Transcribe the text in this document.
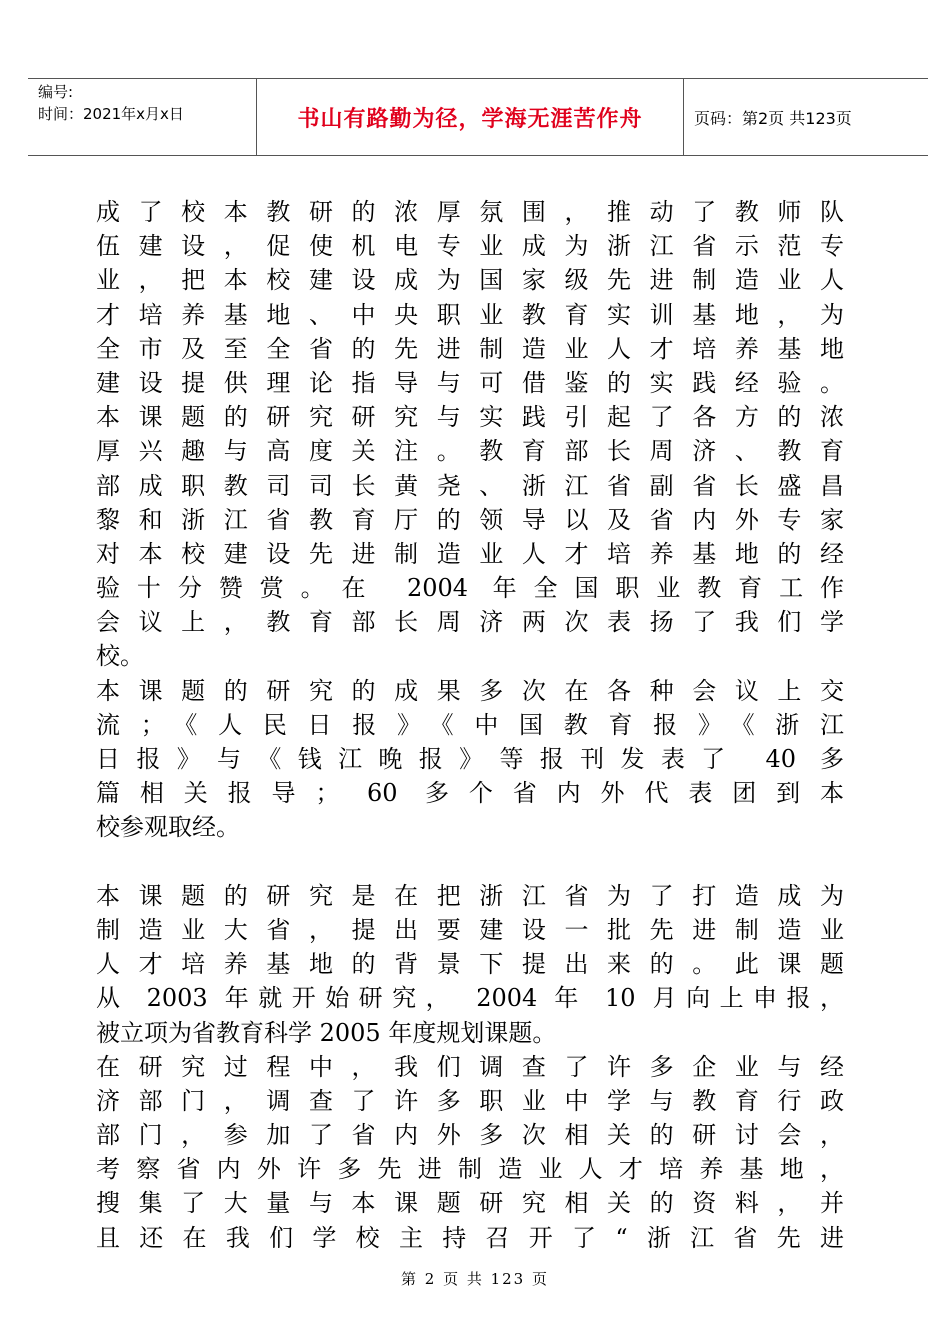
编号:
时间：2021年x月x日	书山有路勤为径，学海无涯苦作舟	页码：第2页 共123页
成了校本教研的浓厚氛围，推动了教师队
伍建设，促使机电专业成为浙江省示范专
业，把本校建设成为国家级先进制造业人
才培养基地、中央职业教育实训基地，为
全市及至全省的先进制造业人才培养基地
建设提供理论指导与可借鉴的实践经验。
本课题的研究研究与实践引起了各方的浓
厚兴趣与高度关注。教育部长周济、教育
部成职教司司长黄尧、浙江省副省长盛昌
黎和浙江省教育厅的领导以及省内外专家
对本校建设先进制造业人才培养基地的经
验十分赞赏。在 2004 年全国职业教育工作
会议上，教育部长周济两次表扬了我们学
校。
本课题的研究的成果多次在各种会议上交
流；《人民日报》《中国教育报》《浙江
日报》与《钱江晚报》等报刊发表了 40 多
篇相关报导； 60 多个省内外代表团到本
校参观取经。
本课题的研究是在把浙江省为了打造成为
制造业大省，提出要建设一批先进制造业
人才培养基地的背景下提出来的。此课题
从 2003 年就开始研究， 2004 年 10 月向上申报，
被立项为省教育科学 2005 年度规划课题。
在研究过程中，我们调查了许多企业与经
济部门，调查了许多职业中学与教育行政
部门，参加了省内外多次相关的研讨会，
考察省内外许多先进制造业人才培养基地，
搜集了大量与本课题研究相关的资料，并
且还在我们学校主持召开了“浙江省先进
第 2 页 共 123 页
